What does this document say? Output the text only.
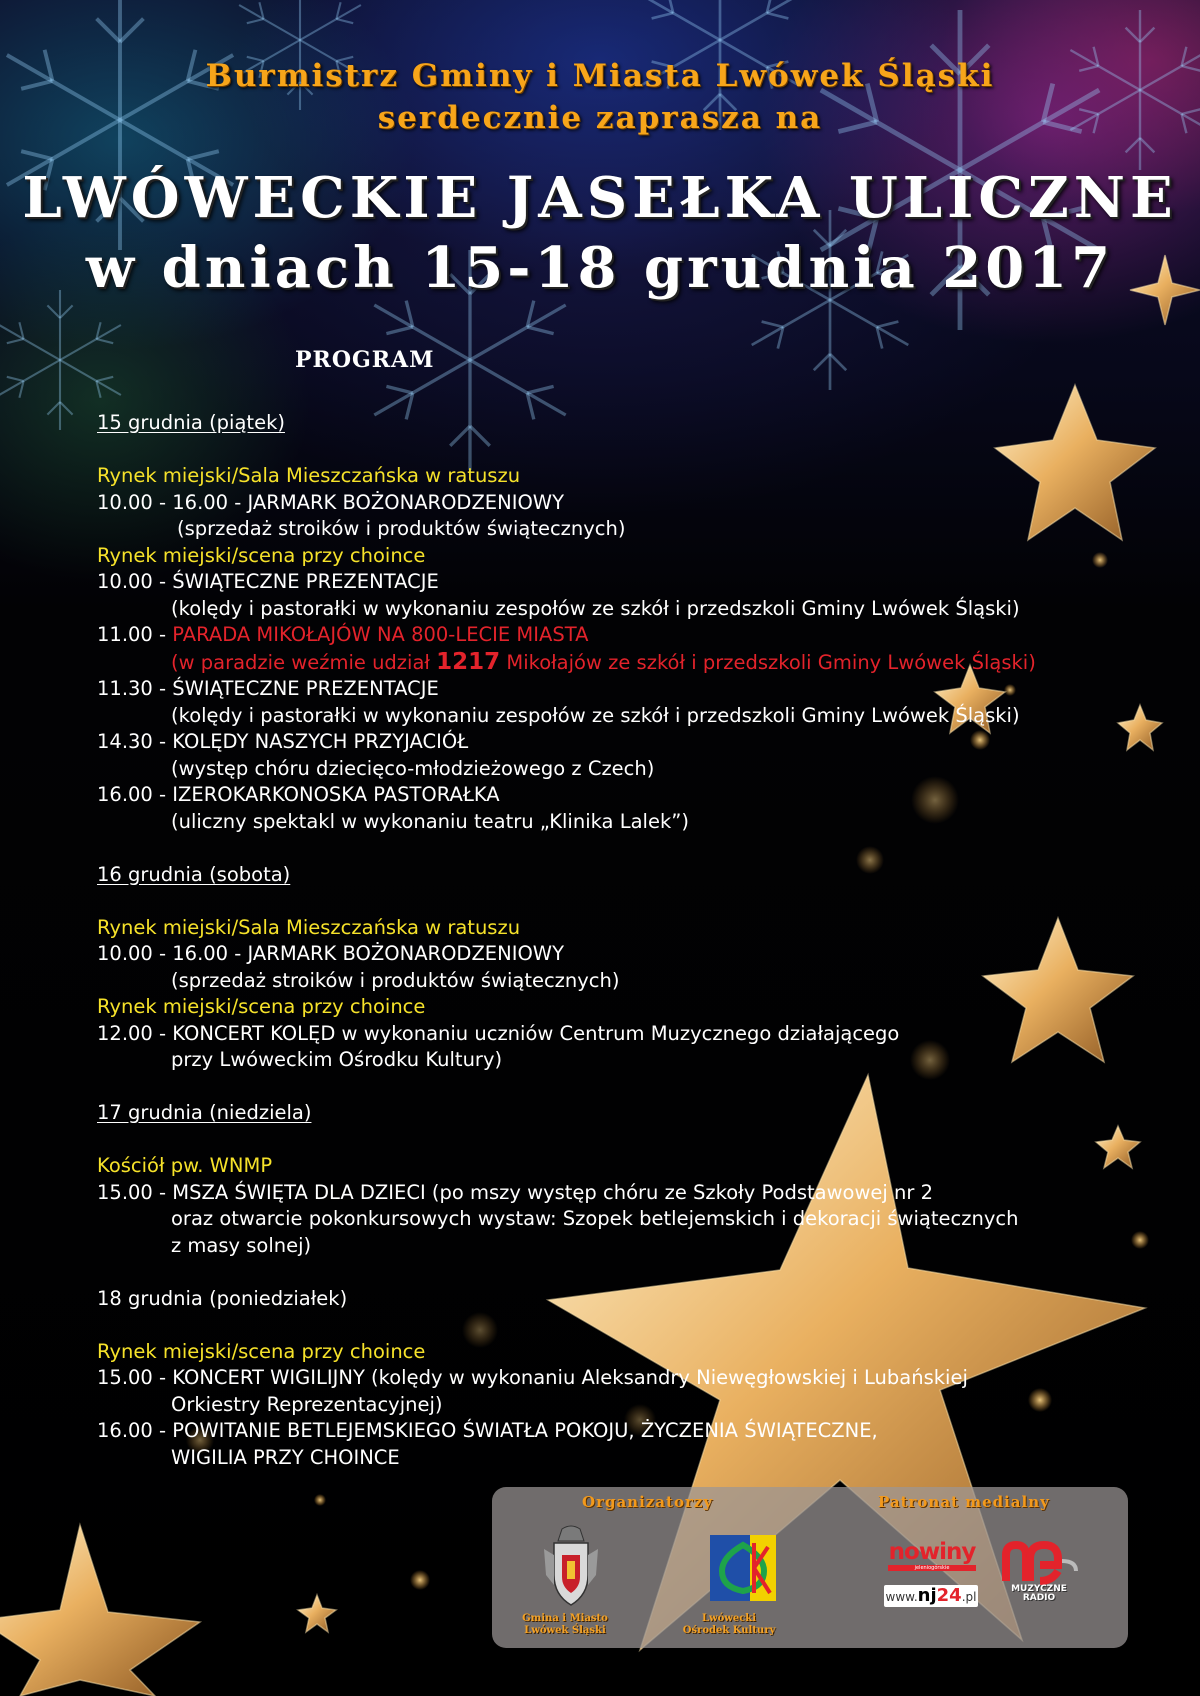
Burmistrz Gminy i Miasta Lwówek Śląski
serdecznie zaprasza na
LWÓWECKIE JASEŁKA ULICZNE
w dniach 15-18 grudnia 2017
PROGRAM
15 grudnia (piątek)
Rynek miejski/Sala Mieszczańska w ratuszu
10.00 - 16.00 - JARMARK BOŻONARODZENIOWY
(sprzedaż stroików i produktów świątecznych)
Rynek miejski/scena przy choince
10.00 - ŚWIĄTECZNE PREZENTACJE
(kolędy i pastorałki w wykonaniu zespołów ze szkół i przedszkoli Gminy Lwówek Śląski)
11.00 - PARADA MIKOŁAJÓW NA 800-LECIE MIASTA
(w paradzie weźmie udział 1217 Mikołajów ze szkół i przedszkoli Gminy Lwówek Śląski)
11.30 - ŚWIĄTECZNE PREZENTACJE
(kolędy i pastorałki w wykonaniu zespołów ze szkół i przedszkoli Gminy Lwówek Śląski)
14.30 - KOLĘDY NASZYCH PRZYJACIÓŁ
(występ chóru dziecięco-młodzieżowego z Czech)
16.00 - IZEROKARKONOSKA PASTORAŁKA
(uliczny spektakl w wykonaniu teatru „Klinika Lalek”)
16 grudnia (sobota)
Rynek miejski/Sala Mieszczańska w ratuszu
10.00 - 16.00 - JARMARK BOŻONARODZENIOWY
(sprzedaż stroików i produktów świątecznych)
Rynek miejski/scena przy choince
12.00 - KONCERT KOLĘD w wykonaniu uczniów Centrum Muzycznego działającego
przy Lwóweckim Ośrodku Kultury)
17 grudnia (niedziela)
Kościół pw. WNMP
15.00 - MSZA ŚWIĘTA DLA DZIECI (po mszy występ chóru ze Szkoły Podstawowej nr 2
oraz otwarcie pokonkursowych wystaw: Szopek betlejemskich i dekoracji świątecznych
z masy solnej)
18 grudnia (poniedziałek)
Rynek miejski/scena przy choince
15.00 - KONCERT WIGILIJNY (kolędy w wykonaniu Aleksandry Niewęgłowskiej i Lubańskiej
Orkiestry Reprezentacyjnej)
16.00 - POWITANIE BETLEJEMSKIEGO ŚWIATŁA POKOJU, ŻYCZENIA ŚWIĄTECZNE,
WIGILIA PRZY CHOINCE
Organizatorzy	Patronat medialny
Gmina i Miasto
Lwówek Śląski
Lwówecki
Ośrodek Kultury
nowiny
jeleniogórskie
www.nj24.pl
MUZYCZNE
RADIO
